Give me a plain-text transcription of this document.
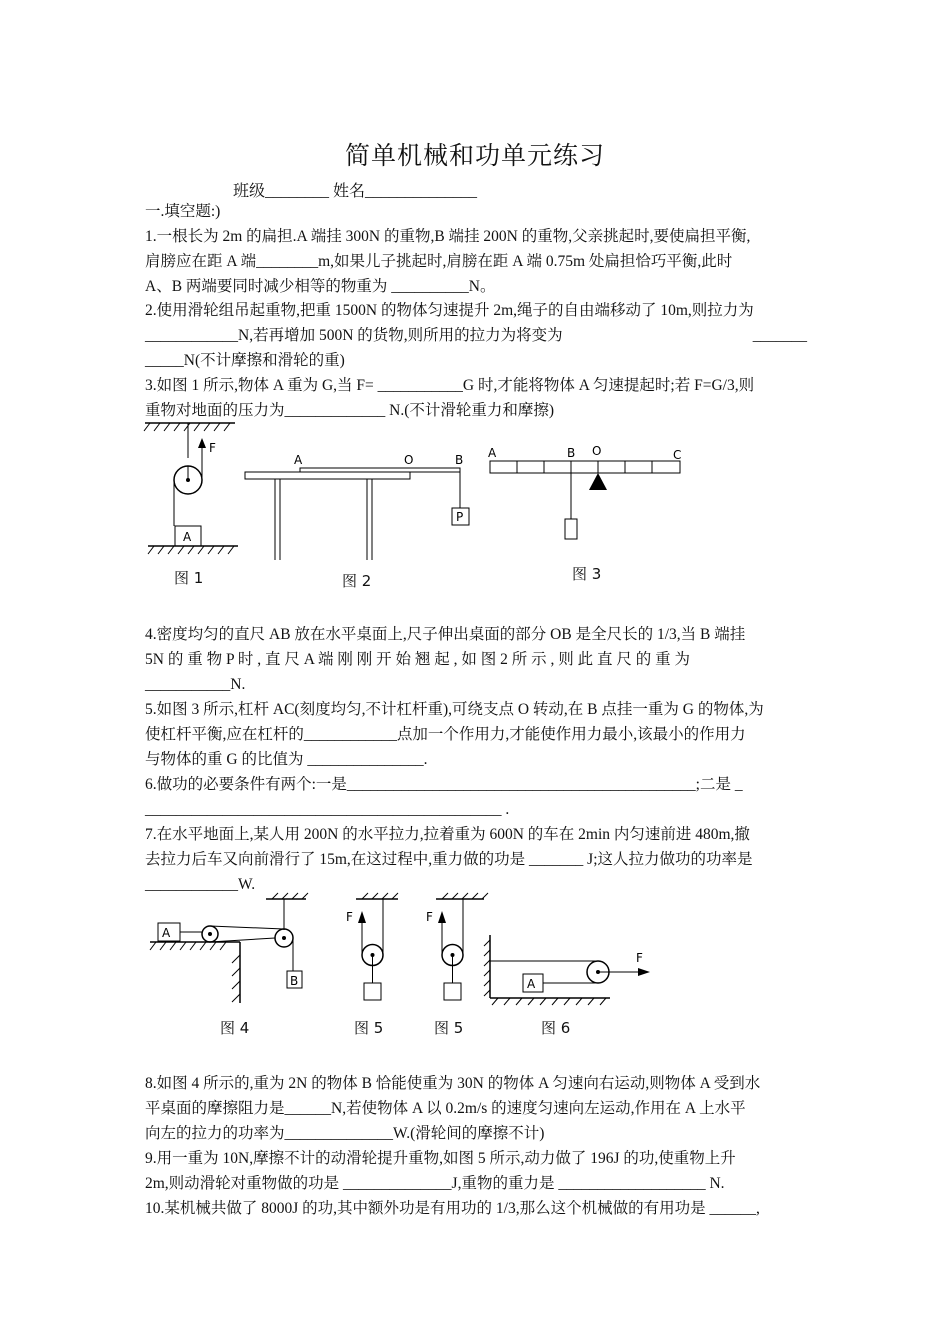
简单机械和功单元练习
班级________ 姓名______________
一.填空题:)
1.一根长为 2m 的扁担.A 端挂 300N 的重物,B 端挂 200N 的重物,父亲挑起时,要使扁担平衡,
肩膀应在距 A 端________m,如果儿子挑起时,肩膀在距 A 端 0.75m 处扁担恰巧平衡,此时
A、B 两端要同时减少相等的物重为 __________N。
2.使用滑轮组吊起重物,把重 1500N 的物体匀速提升 2m,绳子的自由端移动了 10m,则拉力为
____________N,若再增加 500N 的货物,则所用的拉力为将变为	_______
_____N(不计摩擦和滑轮的重)
3.如图 1 所示,物体 A 重为 G,当 F= ___________G 时,才能将物体 A 匀速提起时;若 F=G/3,则
重物对地面的压力为_____________ N.(不计滑轮重力和摩擦)
F
A
图 1
A	O	B
P
图 2
A	B O	C
图 3
4.密度均匀的直尺 AB 放在水平桌面上,尺子伸出桌面的部分 OB 是全尺长的 1/3,当 B 端挂
5N 的 重 物 P 时 , 直 尺 A 端 刚 刚 开 始 翘 起 , 如 图 2 所 示 , 则 此 直 尺 的 重 为
___________N.
5.如图 3 所示,杠杆 AC(刻度均匀,不计杠杆重),可绕支点 O 转动,在 B 点挂一重为 G 的物体,为
使杠杆平衡,应在杠杆的____________点加一个作用力,才能使作用力最小,该最小的作用力
与物体的重 G 的比值为 _______________.
6.做功的必要条件有两个:一是_____________________________________________;二是 _
______________________________________________ .
7.在水平地面上,某人用 200N 的水平拉力,拉着重为 600N 的车在 2min 内匀速前进 480m,撤
去拉力后车又向前滑行了 15m,在这过程中,重力做的功是 _______ J;这人拉力做功的功率是
____________W.
B
A
图 4
F
图 5
F
图 5
A
F
图 6
8.如图 4 所示的,重为 2N 的物体 B 恰能使重为 30N 的物体 A 匀速向右运动,则物体 A 受到水
平桌面的摩擦阻力是______N,若使物体 A 以 0.2m/s 的速度匀速向左运动,作用在 A 上水平
向左的拉力的功率为______________W.(滑轮间的摩擦不计)
9.用一重为 10N,摩擦不计的动滑轮提升重物,如图 5 所示,动力做了 196J 的功,使重物上升
2m,则动滑轮对重物做的功是 ______________J,重物的重力是 ___________________ N.
10.某机械共做了 8000J 的功,其中额外功是有用功的 1/3,那么这个机械做的有用功是 ______,
